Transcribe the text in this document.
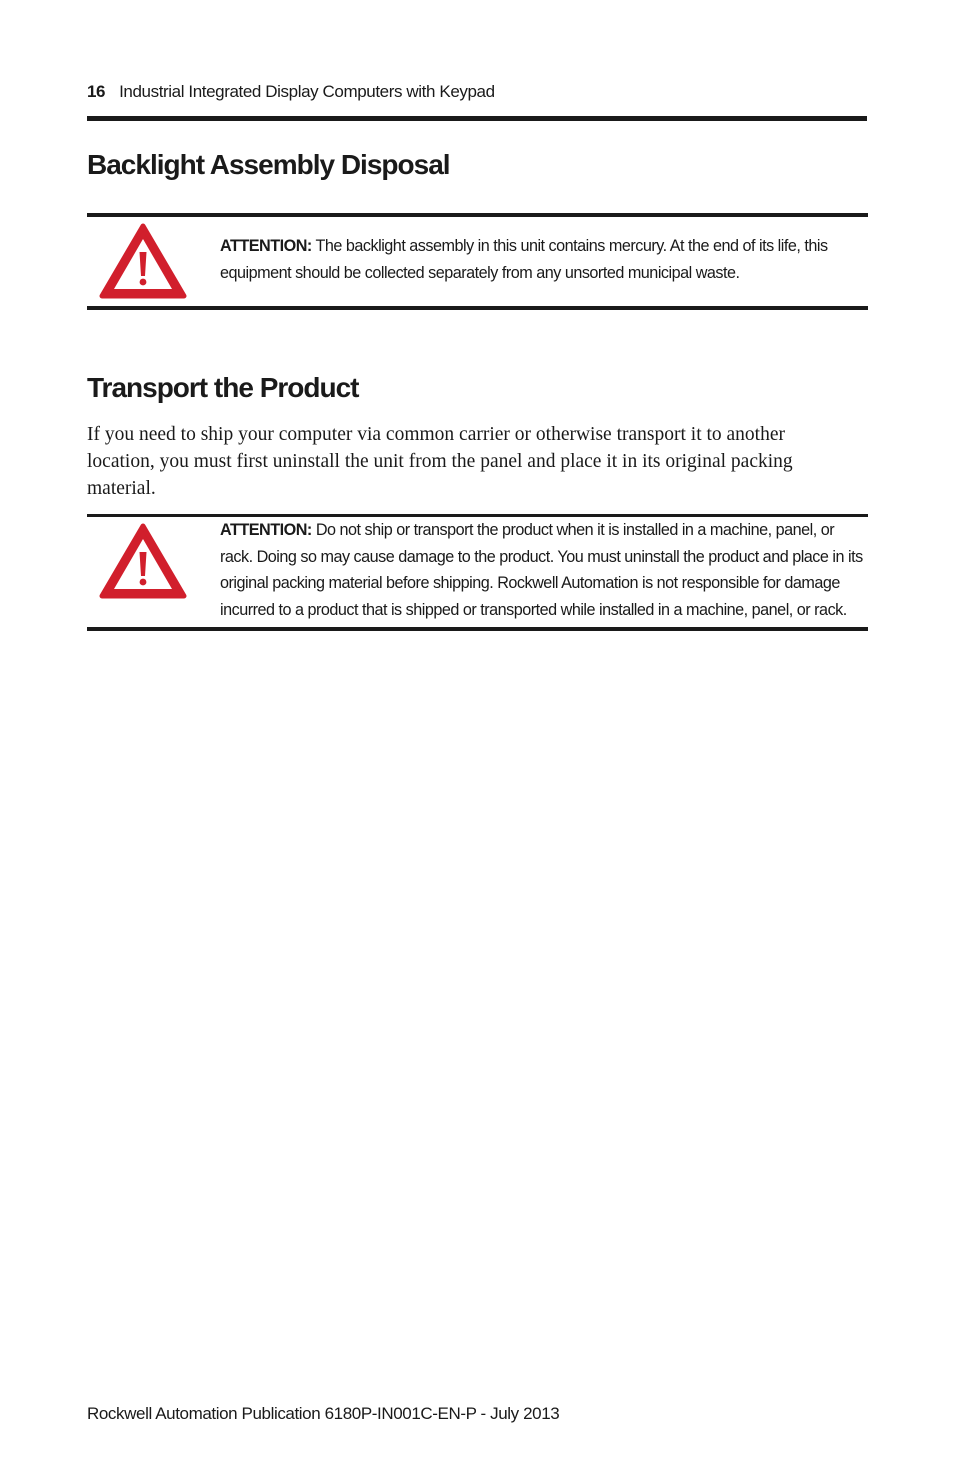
16 Industrial Integrated Display Computers with Keypad
Backlight Assembly Disposal
ATTENTION: The backlight assembly in this unit contains mercury. At the end of its life, this equipment should be collected separately from any unsorted municipal waste.
Transport the Product

If you need to ship your computer via common carrier or otherwise transport it to another location, you must first uninstall the unit from the panel and place it in its original packing material.

ATTENTION: Do not ship or transport the product when it is installed in a machine, panel, or rack. Doing so may cause damage to the product. You must uninstall the product and place in its original packing material before shipping. Rockwell Automation is not responsible for damage incurred to a product that is shipped or transported while installed in a machine, panel, or rack.
Rockwell Automation Publication 6180P-IN001C-EN-P - July 2013
